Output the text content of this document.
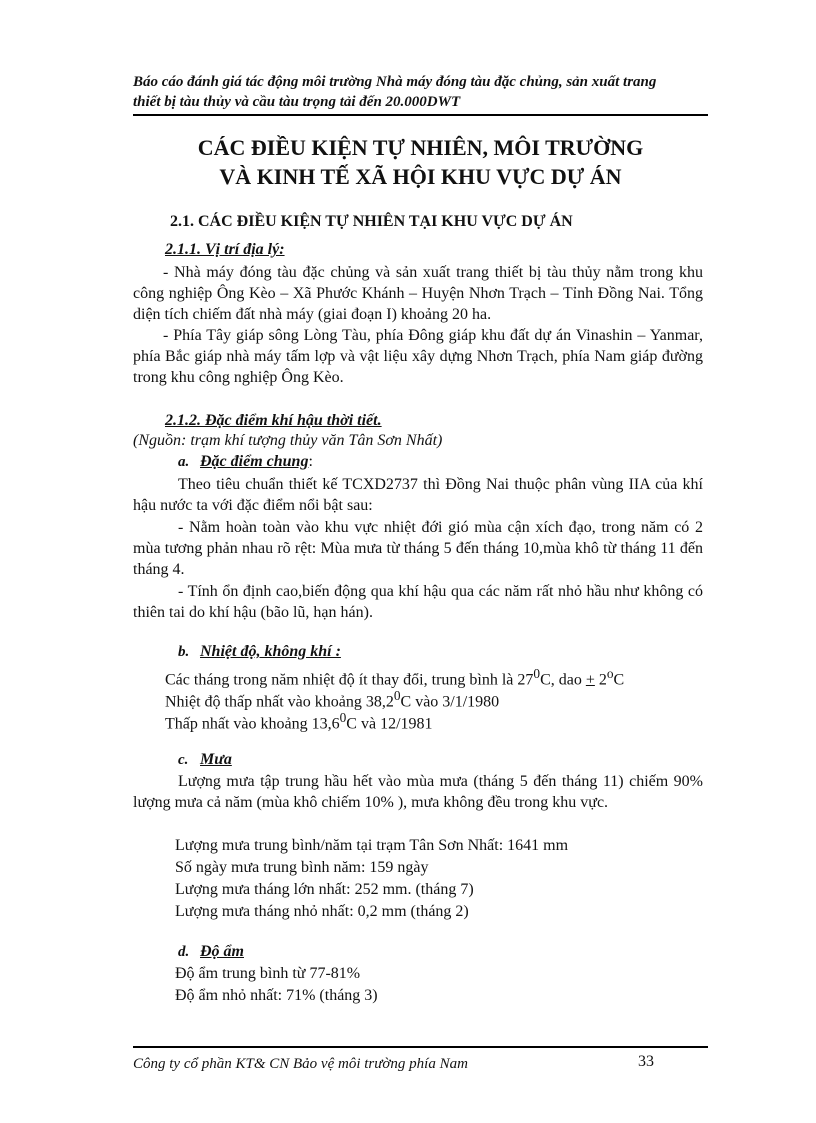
Báo cáo đánh giá tác động môi trường Nhà máy đóng tàu đặc chủng, sản xuất trang
thiết bị tàu thủy và cầu tàu trọng tải đến 20.000DWT
CÁC ĐIỀU KIỆN TỰ NHIÊN, MÔI TRƯỜNG
VÀ KINH TẾ XÃ HỘI KHU VỰC DỰ ÁN
2.1. CÁC ĐIỀU KIỆN TỰ NHIÊN TẠI KHU VỰC DỰ ÁN
2.1.1. Vị trí địa lý:
- Nhà máy đóng tàu đặc chủng và sản xuất trang thiết bị tàu thủy nằm trong khu công nghiệp Ông Kèo – Xã Phước Khánh – Huyện Nhơn Trạch – Tỉnh Đồng Nai. Tổng diện tích chiếm đất nhà máy (giai đoạn I) khoảng 20 ha.
- Phía Tây giáp sông Lòng Tàu, phía Đông giáp khu đất dự án Vinashin – Yanmar, phía Bắc giáp nhà máy tấm lợp và vật liệu xây dựng Nhơn Trạch, phía Nam giáp đường trong khu công nghiệp Ông Kèo.
2.1.2. Đặc điểm khí hậu thời tiết.
(Nguồn: trạm khí tượng thủy văn Tân Sơn Nhất)
a. Đặc điểm chung:
Theo tiêu chuẩn thiết kế TCXD2737 thì Đồng Nai thuộc phân vùng IIA của khí hậu nước ta với đặc điểm nổi bật sau:
- Nằm hoàn toàn vào khu vực nhiệt đới gió mùa cận xích đạo, trong năm có 2 mùa tương phản nhau rõ rệt: Mùa mưa từ tháng 5 đến tháng 10,mùa khô từ tháng 11 đến tháng 4.
- Tính ổn định cao,biến động qua khí hậu qua các năm rất nhỏ hầu như không có thiên tai do khí hậu (bão lũ, hạn hán).
b. Nhiệt độ, không khí :
Các tháng trong năm nhiệt độ ít thay đổi, trung bình là $27^0C$, dao + $2^oC$
Nhiệt độ thấp nhất vào khoảng 38,2$^0$C vào 3/1/1980
Thấp nhất vào khoảng 13,6$^0$C và 12/1981
c. Mưa
Lượng mưa tập trung hầu hết vào mùa mưa (tháng 5 đến tháng 11) chiếm 90% lượng mưa cả năm (mùa khô chiếm 10% ), mưa không đều trong khu vực.
Lượng mưa trung bình/năm tại trạm Tân Sơn Nhất: 1641 mm
Số ngày mưa trung bình năm: 159 ngày
Lượng mưa tháng lớn nhất: 252 mm. (tháng 7)
Lượng mưa tháng nhỏ nhất: 0,2 mm (tháng 2)
d. Độ ẩm
Độ ẩm trung bình từ 77-81%
Độ ẩm nhỏ nhất: 71% (tháng 3)
Công ty cổ phần KT& CN Bảo vệ môi trường phía Nam	33
